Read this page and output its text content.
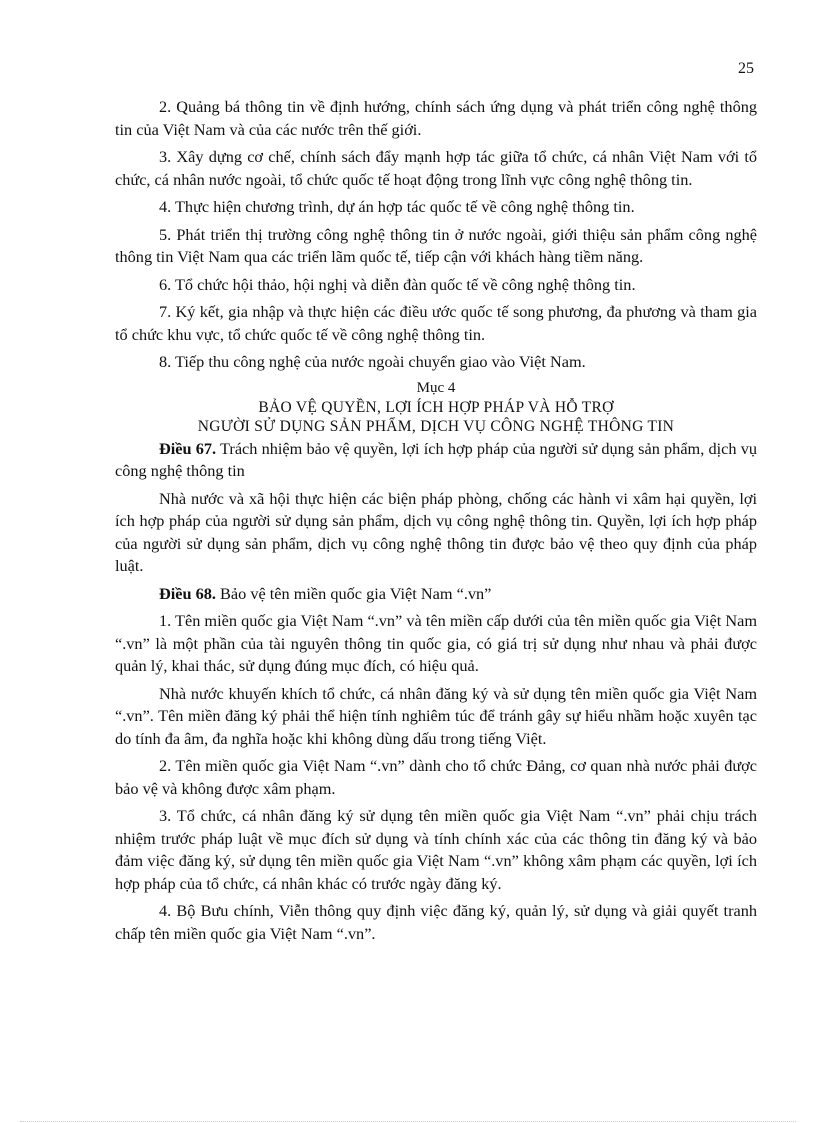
25

2. Quảng bá thông tin về định hướng, chính sách ứng dụng và phát triển công nghệ thông tin của Việt Nam và của các nước trên thế giới.

3. Xây dựng cơ chế, chính sách đẩy mạnh hợp tác giữa tổ chức, cá nhân Việt Nam với tổ chức, cá nhân nước ngoài, tổ chức quốc tế hoạt động trong lĩnh vực công nghệ thông tin.

4. Thực hiện chương trình, dự án hợp tác quốc tế về công nghệ thông tin.

5. Phát triển thị trường công nghệ thông tin ở nước ngoài, giới thiệu sản phẩm công nghệ thông tin Việt Nam qua các triển lãm quốc tế, tiếp cận với khách hàng tiềm năng.

6. Tổ chức hội thảo, hội nghị và diễn đàn quốc tế về công nghệ thông tin.

7. Ký kết, gia nhập và thực hiện các điều ước quốc tế song phương, đa phương và tham gia tổ chức khu vực, tổ chức quốc tế về công nghệ thông tin.

8. Tiếp thu công nghệ của nước ngoài chuyển giao vào Việt Nam.

Mục 4
BẢO VỆ QUYỀN, LỢI ÍCH HỢP PHÁP VÀ HỖ TRỢ
NGƯỜI SỬ DỤNG SẢN PHẨM, DỊCH VỤ CÔNG NGHỆ THÔNG TIN

Điều 67. Trách nhiệm bảo vệ quyền, lợi ích hợp pháp của người sử dụng sản phẩm, dịch vụ công nghệ thông tin

Nhà nước và xã hội thực hiện các biện pháp phòng, chống các hành vi xâm hại quyền, lợi ích hợp pháp của người sử dụng sản phẩm, dịch vụ công nghệ thông tin. Quyền, lợi ích hợp pháp của người sử dụng sản phẩm, dịch vụ công nghệ thông tin được bảo vệ theo quy định của pháp luật.

Điều 68. Bảo vệ tên miền quốc gia Việt Nam “.vn”

1. Tên miền quốc gia Việt Nam “.vn” và tên miền cấp dưới của tên miền quốc gia Việt Nam “.vn” là một phần của tài nguyên thông tin quốc gia, có giá trị sử dụng như nhau và phải được quản lý, khai thác, sử dụng đúng mục đích, có hiệu quả.

Nhà nước khuyến khích tổ chức, cá nhân đăng ký và sử dụng tên miền quốc gia Việt Nam “.vn”. Tên miền đăng ký phải thể hiện tính nghiêm túc để tránh gây sự hiểu nhầm hoặc xuyên tạc do tính đa âm, đa nghĩa hoặc khi không dùng dấu trong tiếng Việt.

2. Tên miền quốc gia Việt Nam “.vn” dành cho tổ chức Đảng, cơ quan nhà nước phải được bảo vệ và không được xâm phạm.

3. Tổ chức, cá nhân đăng ký sử dụng tên miền quốc gia Việt Nam “.vn” phải chịu trách nhiệm trước pháp luật về mục đích sử dụng và tính chính xác của các thông tin đăng ký và bảo đảm việc đăng ký, sử dụng tên miền quốc gia Việt Nam “.vn” không xâm phạm các quyền, lợi ích hợp pháp của tổ chức, cá nhân khác có trước ngày đăng ký.

4. Bộ Bưu chính, Viễn thông quy định việc đăng ký, quản lý, sử dụng và giải quyết tranh chấp tên miền quốc gia Việt Nam “.vn”.
